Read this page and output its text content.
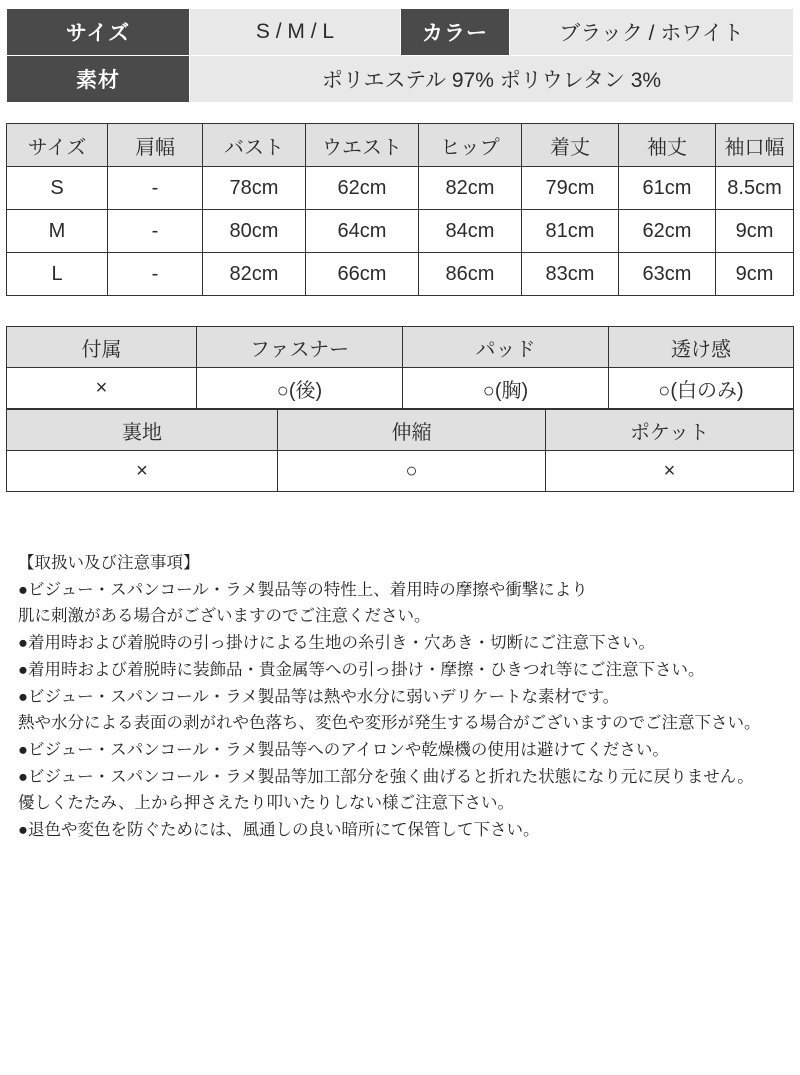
サイズ	S / M / L	カラー	ブラック / ホワイト
素材	ポリエステル 97% ポリウレタン 3%		
サイズ	肩幅	バスト	ウエスト	ヒップ	着丈	袖丈	袖口幅
S	-	78cm	62cm	82cm	79cm	61cm	8.5cm
M	-	80cm	64cm	84cm	81cm	62cm	9cm
L	-	82cm	66cm	86cm	83cm	63cm	9cm
付属	ファスナー	パッド	透け感
×	○(後)	○(胸)	○(白のみ)
裏地	伸縮	ポケット
×	○	×
【取扱い及び注意事項】
●ビジュー・スパンコール・ラメ製品等の特性上、着用時の摩擦や衝撃により
肌に刺激がある場合がございますのでご注意ください。
●着用時および着脱時の引っ掛けによる生地の糸引き・穴あき・切断にご注意下さい。
●着用時および着脱時に装飾品・貴金属等への引っ掛け・摩擦・ひきつれ等にご注意下さい。
●ビジュー・スパンコール・ラメ製品等は熱や水分に弱いデリケートな素材です。
熱や水分による表面の剥がれや色落ち、変色や変形が発生する場合がございますのでご注意下さい。
●ビジュー・スパンコール・ラメ製品等へのアイロンや乾燥機の使用は避けてください。
●ビジュー・スパンコール・ラメ製品等加工部分を強く曲げると折れた状態になり元に戻りません。
優しくたたみ、上から押さえたり叩いたりしない様ご注意下さい。
●退色や変色を防ぐためには、風通しの良い暗所にて保管して下さい。
